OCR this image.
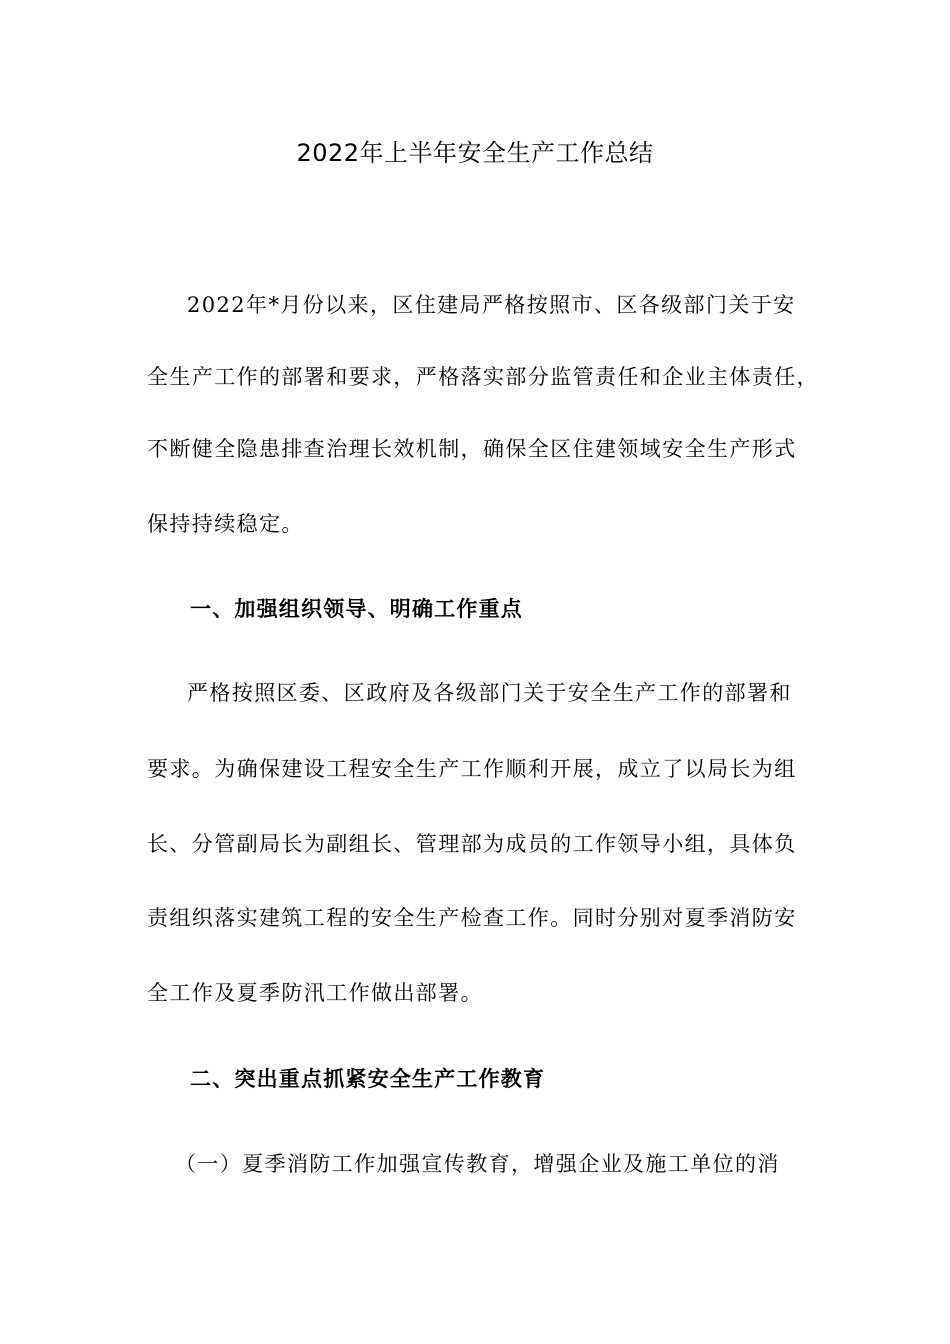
2022年上半年安全生产工作总结
2022年*月份以来，区住建局严格按照市、区各级部门关于安
全生产工作的部署和要求，严格落实部分监管责任和企业主体责任，
不断健全隐患排查治理长效机制，确保全区住建领域安全生产形式
保持持续稳定。
一、加强组织领导、明确工作重点
严格按照区委、区政府及各级部门关于安全生产工作的部署和
要求。为确保建设工程安全生产工作顺利开展，成立了以局长为组
长、分管副局长为副组长、管理部为成员的工作领导小组，具体负
责组织落实建筑工程的安全生产检查工作。同时分别对夏季消防安
全工作及夏季防汛工作做出部署。
二、突出重点抓紧安全生产工作教育
（一）夏季消防工作加强宣传教育，增强企业及施工单位的消
